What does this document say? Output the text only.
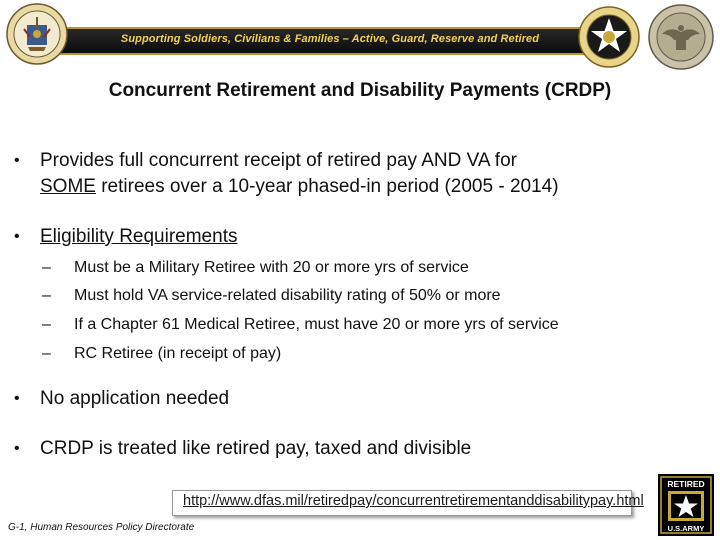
Supporting Soldiers, Civilians & Families – Active, Guard, Reserve and Retired
Concurrent Retirement and Disability Payments (CRDP)
•	Provides full concurrent receipt of retired pay AND VA for
SOME retirees over a 10-year phased-in period (2005 - 2014)
•	Eligibility Requirements
–	Must be a Military Retiree with 20 or more yrs of service
–	Must hold VA service-related disability rating of 50% or more
–	If a Chapter 61 Medical Retiree, must have 20 or more yrs of service
–	RC Retiree (in receipt of pay)
•	No application needed
•	CRDP is treated like retired pay, taxed and divisible
http://www.dfas.mil/retiredpay/concurrentretirementanddisabilitypay.html
G-1, Human Resources Policy Directorate
RETIRED
U.S.ARMY
